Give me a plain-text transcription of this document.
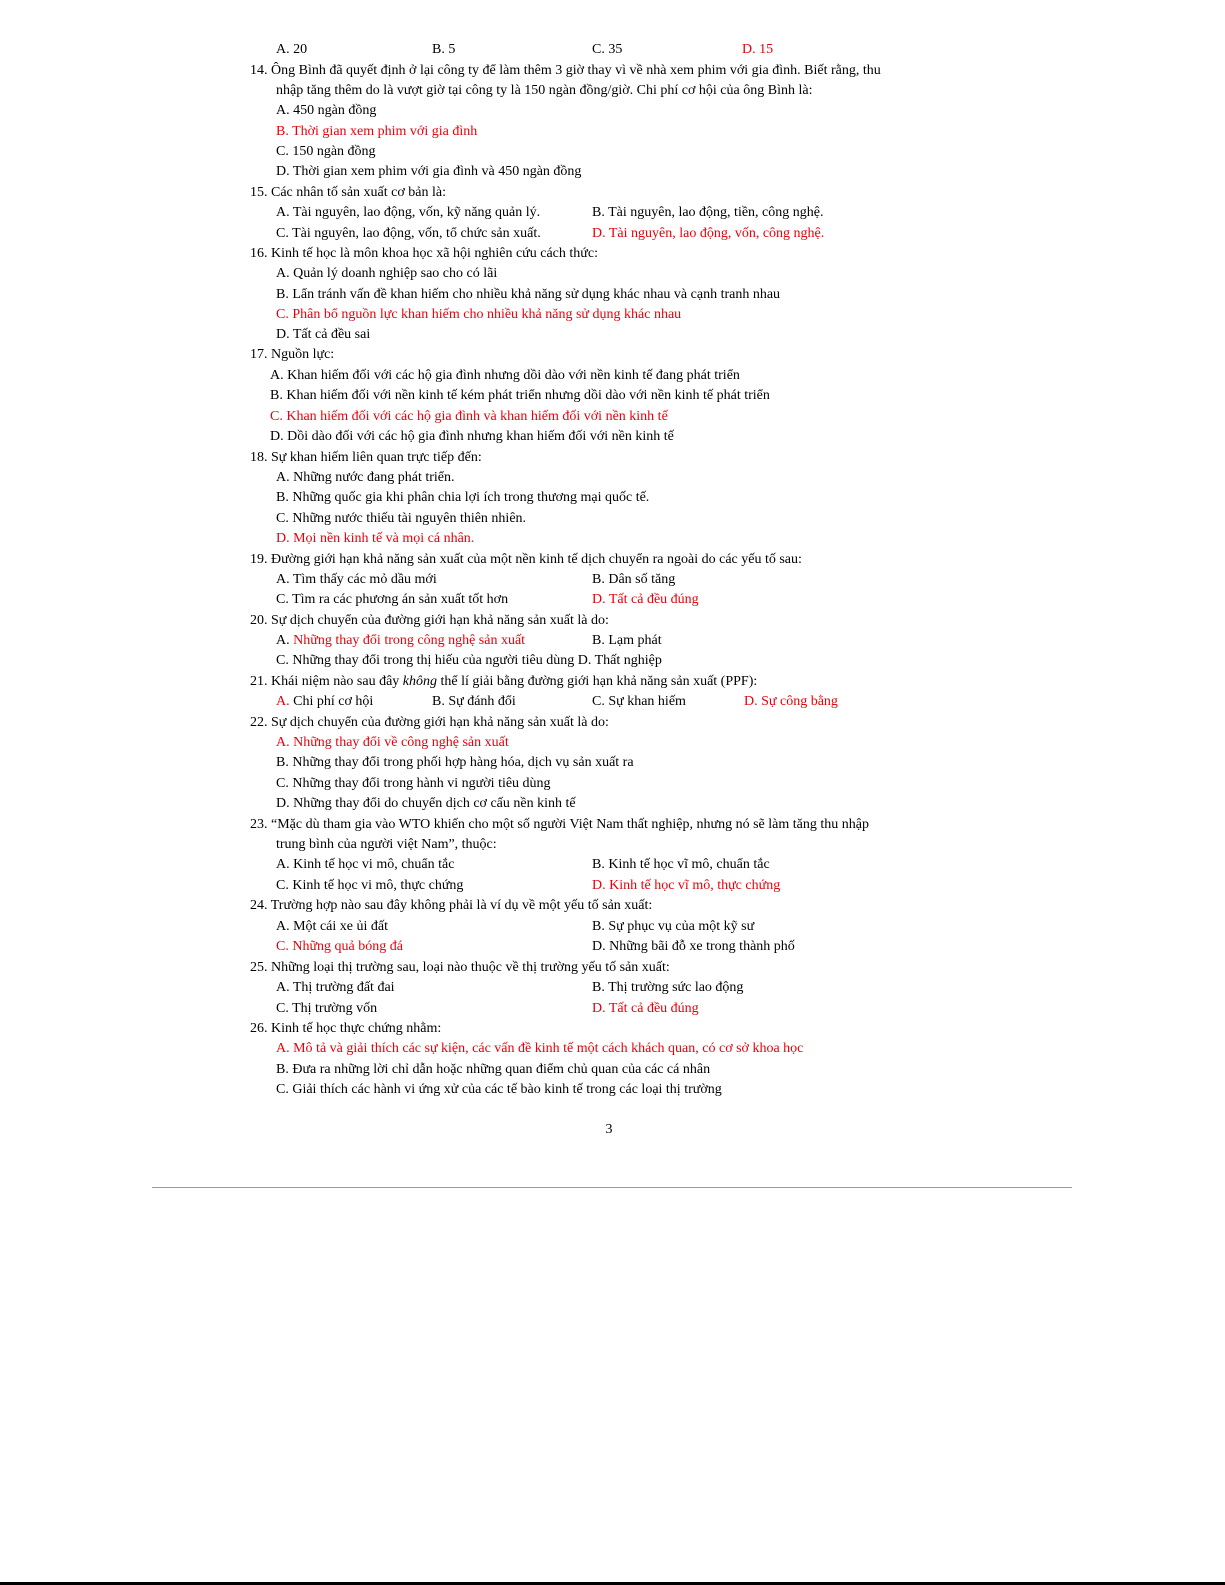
A. 20	B. 5	C. 35	D. 15
14. Ông Bình đã quyết định ở lại công ty để làm thêm 3 giờ thay vì về nhà xem phim với gia đình. Biết rằng, thu
nhập tăng thêm do là vượt giờ tại công ty là 150 ngàn đồng/giờ. Chi phí cơ hội của ông Bình là:
A. 450 ngàn đồng
B. Thời gian xem phim với gia đình
C. 150 ngàn đồng
D. Thời gian xem phim với gia đình và 450 ngàn đồng
15. Các nhân tố sản xuất cơ bản là:
A. Tài nguyên, lao động, vốn, kỹ năng quản lý.	B. Tài nguyên, lao động, tiền, công nghệ.
C. Tài nguyên, lao động, vốn, tổ chức sản xuất.	D. Tài nguyên, lao động, vốn, công nghệ.
16. Kinh tế học là môn khoa học xã hội nghiên cứu cách thức:
A. Quản lý doanh nghiệp sao cho có lãi
B. Lẩn tránh vấn đề khan hiếm cho nhiều khả năng sử dụng khác nhau và cạnh tranh nhau
C. Phân bổ nguồn lực khan hiếm cho nhiều khả năng sử dụng khác nhau
D. Tất cả đều sai
17. Nguồn lực:
A. Khan hiếm đối với các hộ gia đình nhưng dồi dào với nền kinh tế đang phát triển
B. Khan hiếm đối với nền kinh tế kém phát triển nhưng dồi dào với nền kinh tế phát triển
C. Khan hiếm đối với các hộ gia đình và khan hiếm đối với nền kinh tế
D. Dồi dào đối với các hộ gia đình nhưng khan hiếm đối với nền kinh tế
18. Sự khan hiếm liên quan trực tiếp đến:
A. Những nước đang phát triển.
B. Những quốc gia khi phân chia lợi ích trong thương mại quốc tế.
C. Những nước thiếu tài nguyên thiên nhiên.
D. Mọi nền kinh tế và mọi cá nhân.
19. Đường giới hạn khả năng sản xuất của một nền kinh tế dịch chuyển ra ngoài do các yếu tố sau:
A. Tìm thấy các mỏ dầu mới	B. Dân số tăng
C. Tìm ra các phương án sản xuất tốt hơn	D. Tất cả đều đúng
20. Sự dịch chuyển của đường giới hạn khả năng sản xuất là do:
A. Những thay đổi trong công nghệ sản xuất	B. Lạm phát
C. Những thay đổi trong thị hiếu của người tiêu dùng D. Thất nghiệp
21. Khái niệm nào sau đây không thể lí giải bằng đường giới hạn khả năng sản xuất (PPF):
A. Chi phí cơ hội	B. Sự đánh đổi	C. Sự khan hiếm	D. Sự công bằng
22. Sự dịch chuyển của đường giới hạn khả năng sản xuất là do:
A. Những thay đổi về công nghệ sản xuất
B. Những thay đổi trong phối hợp hàng hóa, dịch vụ sản xuất ra
C. Những thay đổi trong hành vi người tiêu dùng
D. Những thay đổi do chuyển dịch cơ cấu nền kinh tế
23. “Mặc dù tham gia vào WTO khiến cho một số người Việt Nam thất nghiệp, nhưng nó sẽ làm tăng thu nhập
trung bình của người việt Nam”, thuộc:
A. Kinh tế học vi mô, chuẩn tắc	B. Kinh tế học vĩ mô, chuẩn tắc
C. Kinh tế học vi mô, thực chứng	D. Kinh tế học vĩ mô, thực chứng
24. Trường hợp nào sau đây không phải là ví dụ về một yếu tố sản xuất:
A. Một cái xe ủi đất	B. Sự phục vụ của một kỹ sư
C. Những quả bóng đá	D. Những bãi đỗ xe trong thành phố
25. Những loại thị trường sau, loại nào thuộc về thị trường yếu tố sản xuất:
A. Thị trường đất đai	B. Thị trường sức lao động
C. Thị trường vốn	D. Tất cả đều đúng
26. Kinh tế học thực chứng nhằm:
A. Mô tả và giải thích các sự kiện, các vấn đề kinh tế một cách khách quan, có cơ sở khoa học
B. Đưa ra những lời chỉ dẫn hoặc những quan điểm chủ quan của các cá nhân
C. Giải thích các hành vi ứng xử của các tế bào kinh tế trong các loại thị trường
3
